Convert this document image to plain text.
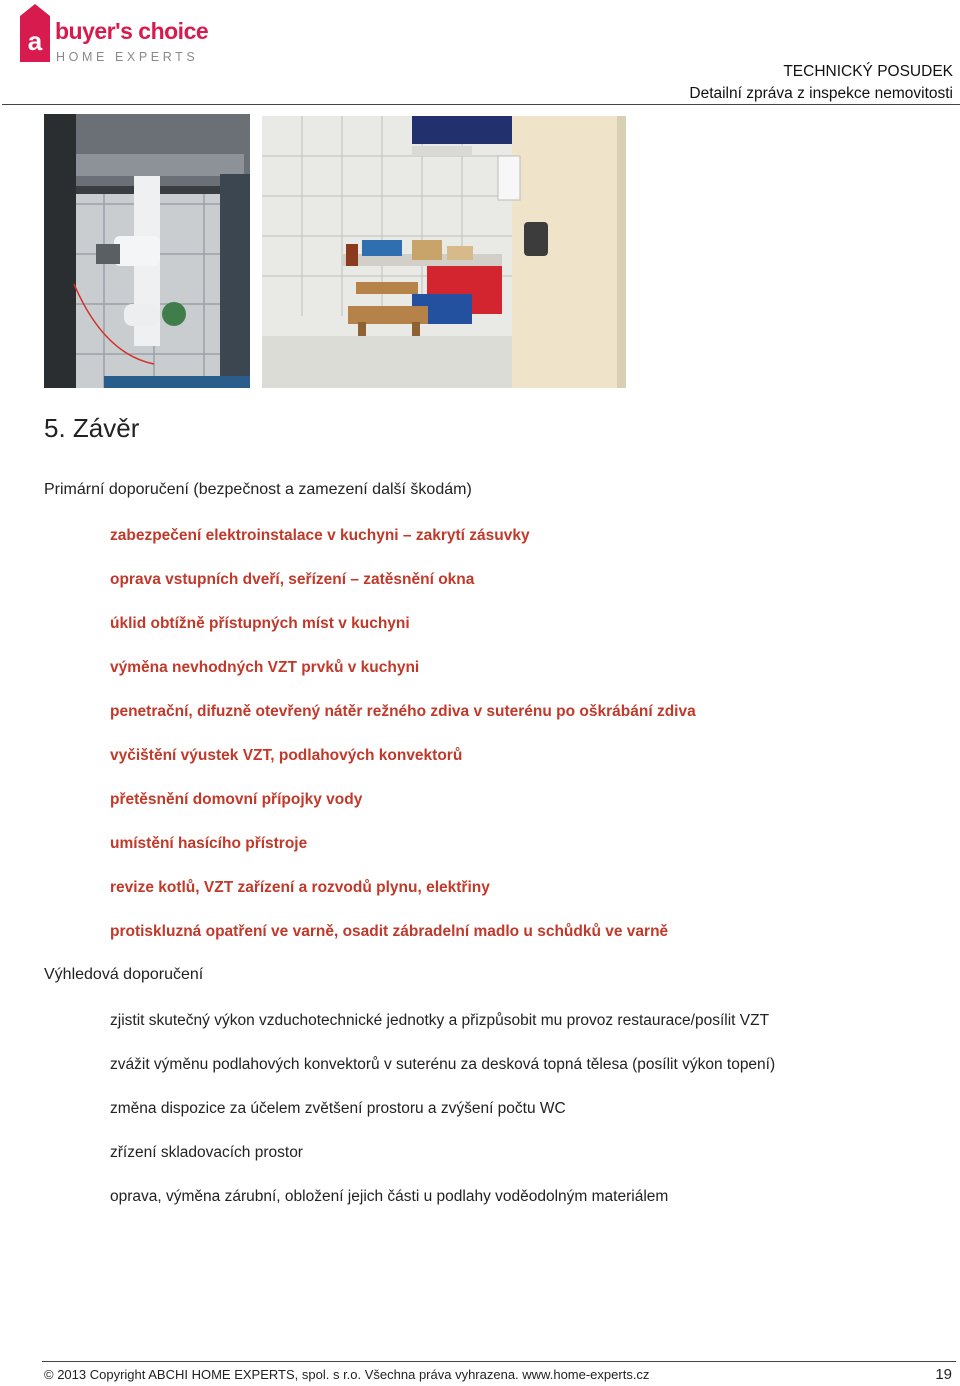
a buyer's choice
HOME EXPERTS
TECHNICKÝ POSUDEK
Detailní zpráva z inspekce nemovitosti
5. Závěr
Primární doporučení (bezpečnost a zamezení další škodám)
zabezpečení elektroinstalace v kuchyni – zakrytí zásuvky
oprava vstupních dveří, seřízení – zatěsnění okna
úklid obtížně přístupných míst v kuchyni
výměna nevhodných VZT prvků v kuchyni
penetrační, difuzně otevřený nátěr režného zdiva v suterénu po oškrábání zdiva
vyčištění výustek VZT, podlahových konvektorů
přetěsnění domovní přípojky vody
umístění hasícího přístroje
revize kotlů, VZT zařízení a rozvodů plynu, elektřiny
protiskluzná opatření ve varně, osadit zábradelní madlo u schůdků ve varně
Výhledová doporučení
zjistit skutečný výkon vzduchotechnické jednotky a přizpůsobit mu provoz restaurace/posílit VZT
zvážit výměnu podlahových konvektorů v suterénu za desková topná tělesa (posílit výkon topení)
změna dispozice za účelem zvětšení prostoru a zvýšení počtu WC
zřízení skladovacích prostor
oprava, výměna zárubní, obložení jejich části u podlahy voděodolným materiálem
© 2013 Copyright ABCHI HOME EXPERTS, spol. s r.o. Všechna práva vyhrazena. www.home-experts.cz	19
